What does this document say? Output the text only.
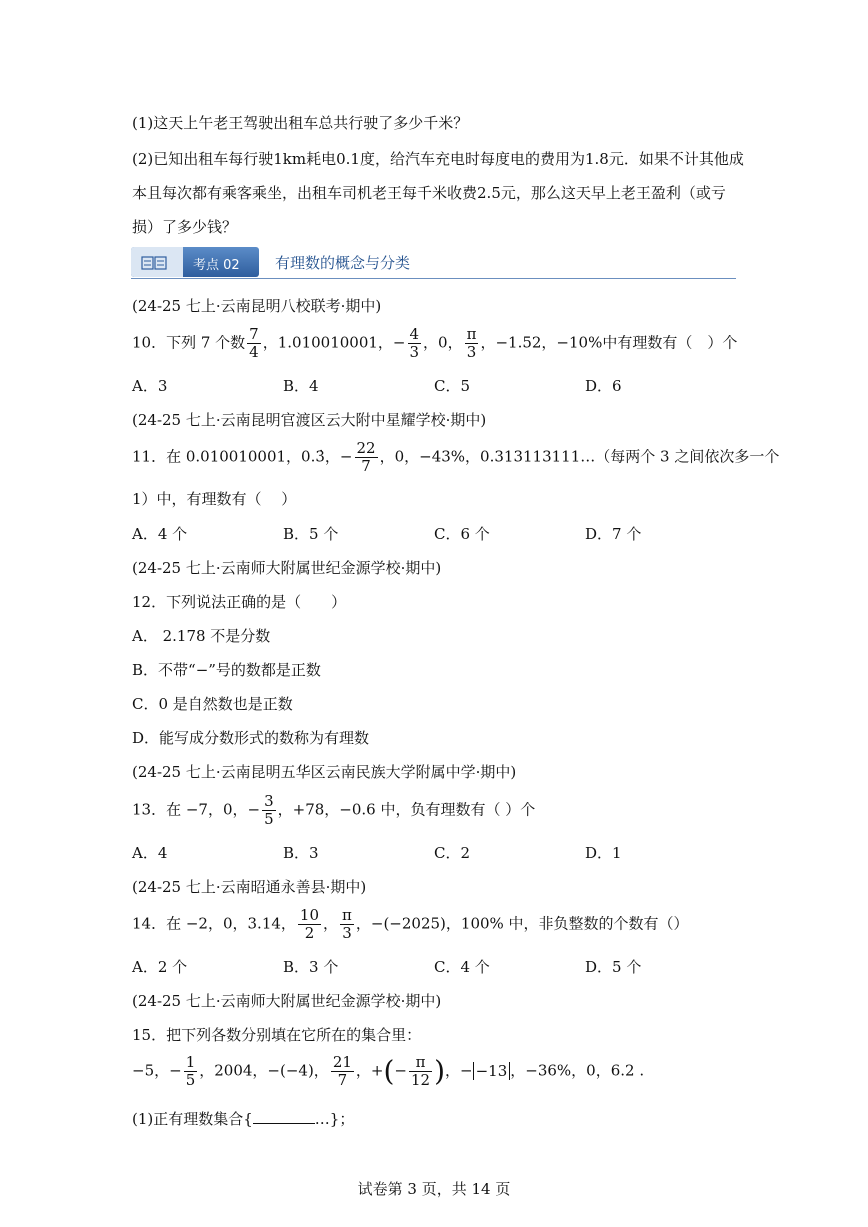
(1)这天上午老王驾驶出租车总共行驶了多少千米？
(2)已知出租车每行驶1km耗电0.1度，给汽车充电时每度电的费用为1.8元．如果不计其他成
本且每次都有乘客乘坐，出租车司机老王每千米收费2.5元，那么这天早上老王盈利（或亏
损）了多少钱？
考点 02 有理数的概念与分类
(24-25 七上·云南昆明八校联考·期中)
10．下列 7 个数 $\frac{7}{4}$ ，1.010010001，− $\frac{4}{3}$ ，0， $\frac{\pi}{3}$ ，−1.52，−10%中有理数有（　）个
A．3	B．4	C．5	D．6
(24-25 七上·云南昆明官渡区云大附中星耀学校·期中)
11．在 0.010010001，0.3̇，− $\frac{22}{7}$ ，0，−43%，0.313113111…（每两个 3 之间依次多一个
1）中，有理数有（　 ）
A．4 个	B．5 个	C．6 个	D．7 个
(24-25 七上·云南师大附属世纪金源学校·期中)
12．下列说法正确的是（　　）
A． 2.178 不是分数
B．不带“−”号的数都是正数
C．0 是自然数也是正数
D．能写成分数形式的数称为有理数
(24-25 七上·云南昆明五华区云南民族大学附属中学·期中)
13．在 −7，0，− $\frac{3}{5}$ ，+78，−0.6 中，负有理数有（ ）个
A．4	B．3	C．2	D．1
(24-25 七上·云南昭通永善县·期中)
14．在 −2，0，3.14， $\frac{10}{2}$ ， $\frac{\pi}{3}$ ，−(−2025)，100% 中，非负整数的个数有（）
A．2 个	B．3 个	C．4 个	D．5 个
(24-25 七上·云南师大附属世纪金源学校·期中)
15．把下列各数分别填在它所在的集合里：
−5，− $\frac{1}{5}$ ，2004，−(−4)， $\frac{21}{7}$ ，+(− $\frac{\pi}{12}$ )，− −13 ，−36%，0，6.2 .
(1)正有理数集合{	…}；
试卷第 3 页，共 14 页
